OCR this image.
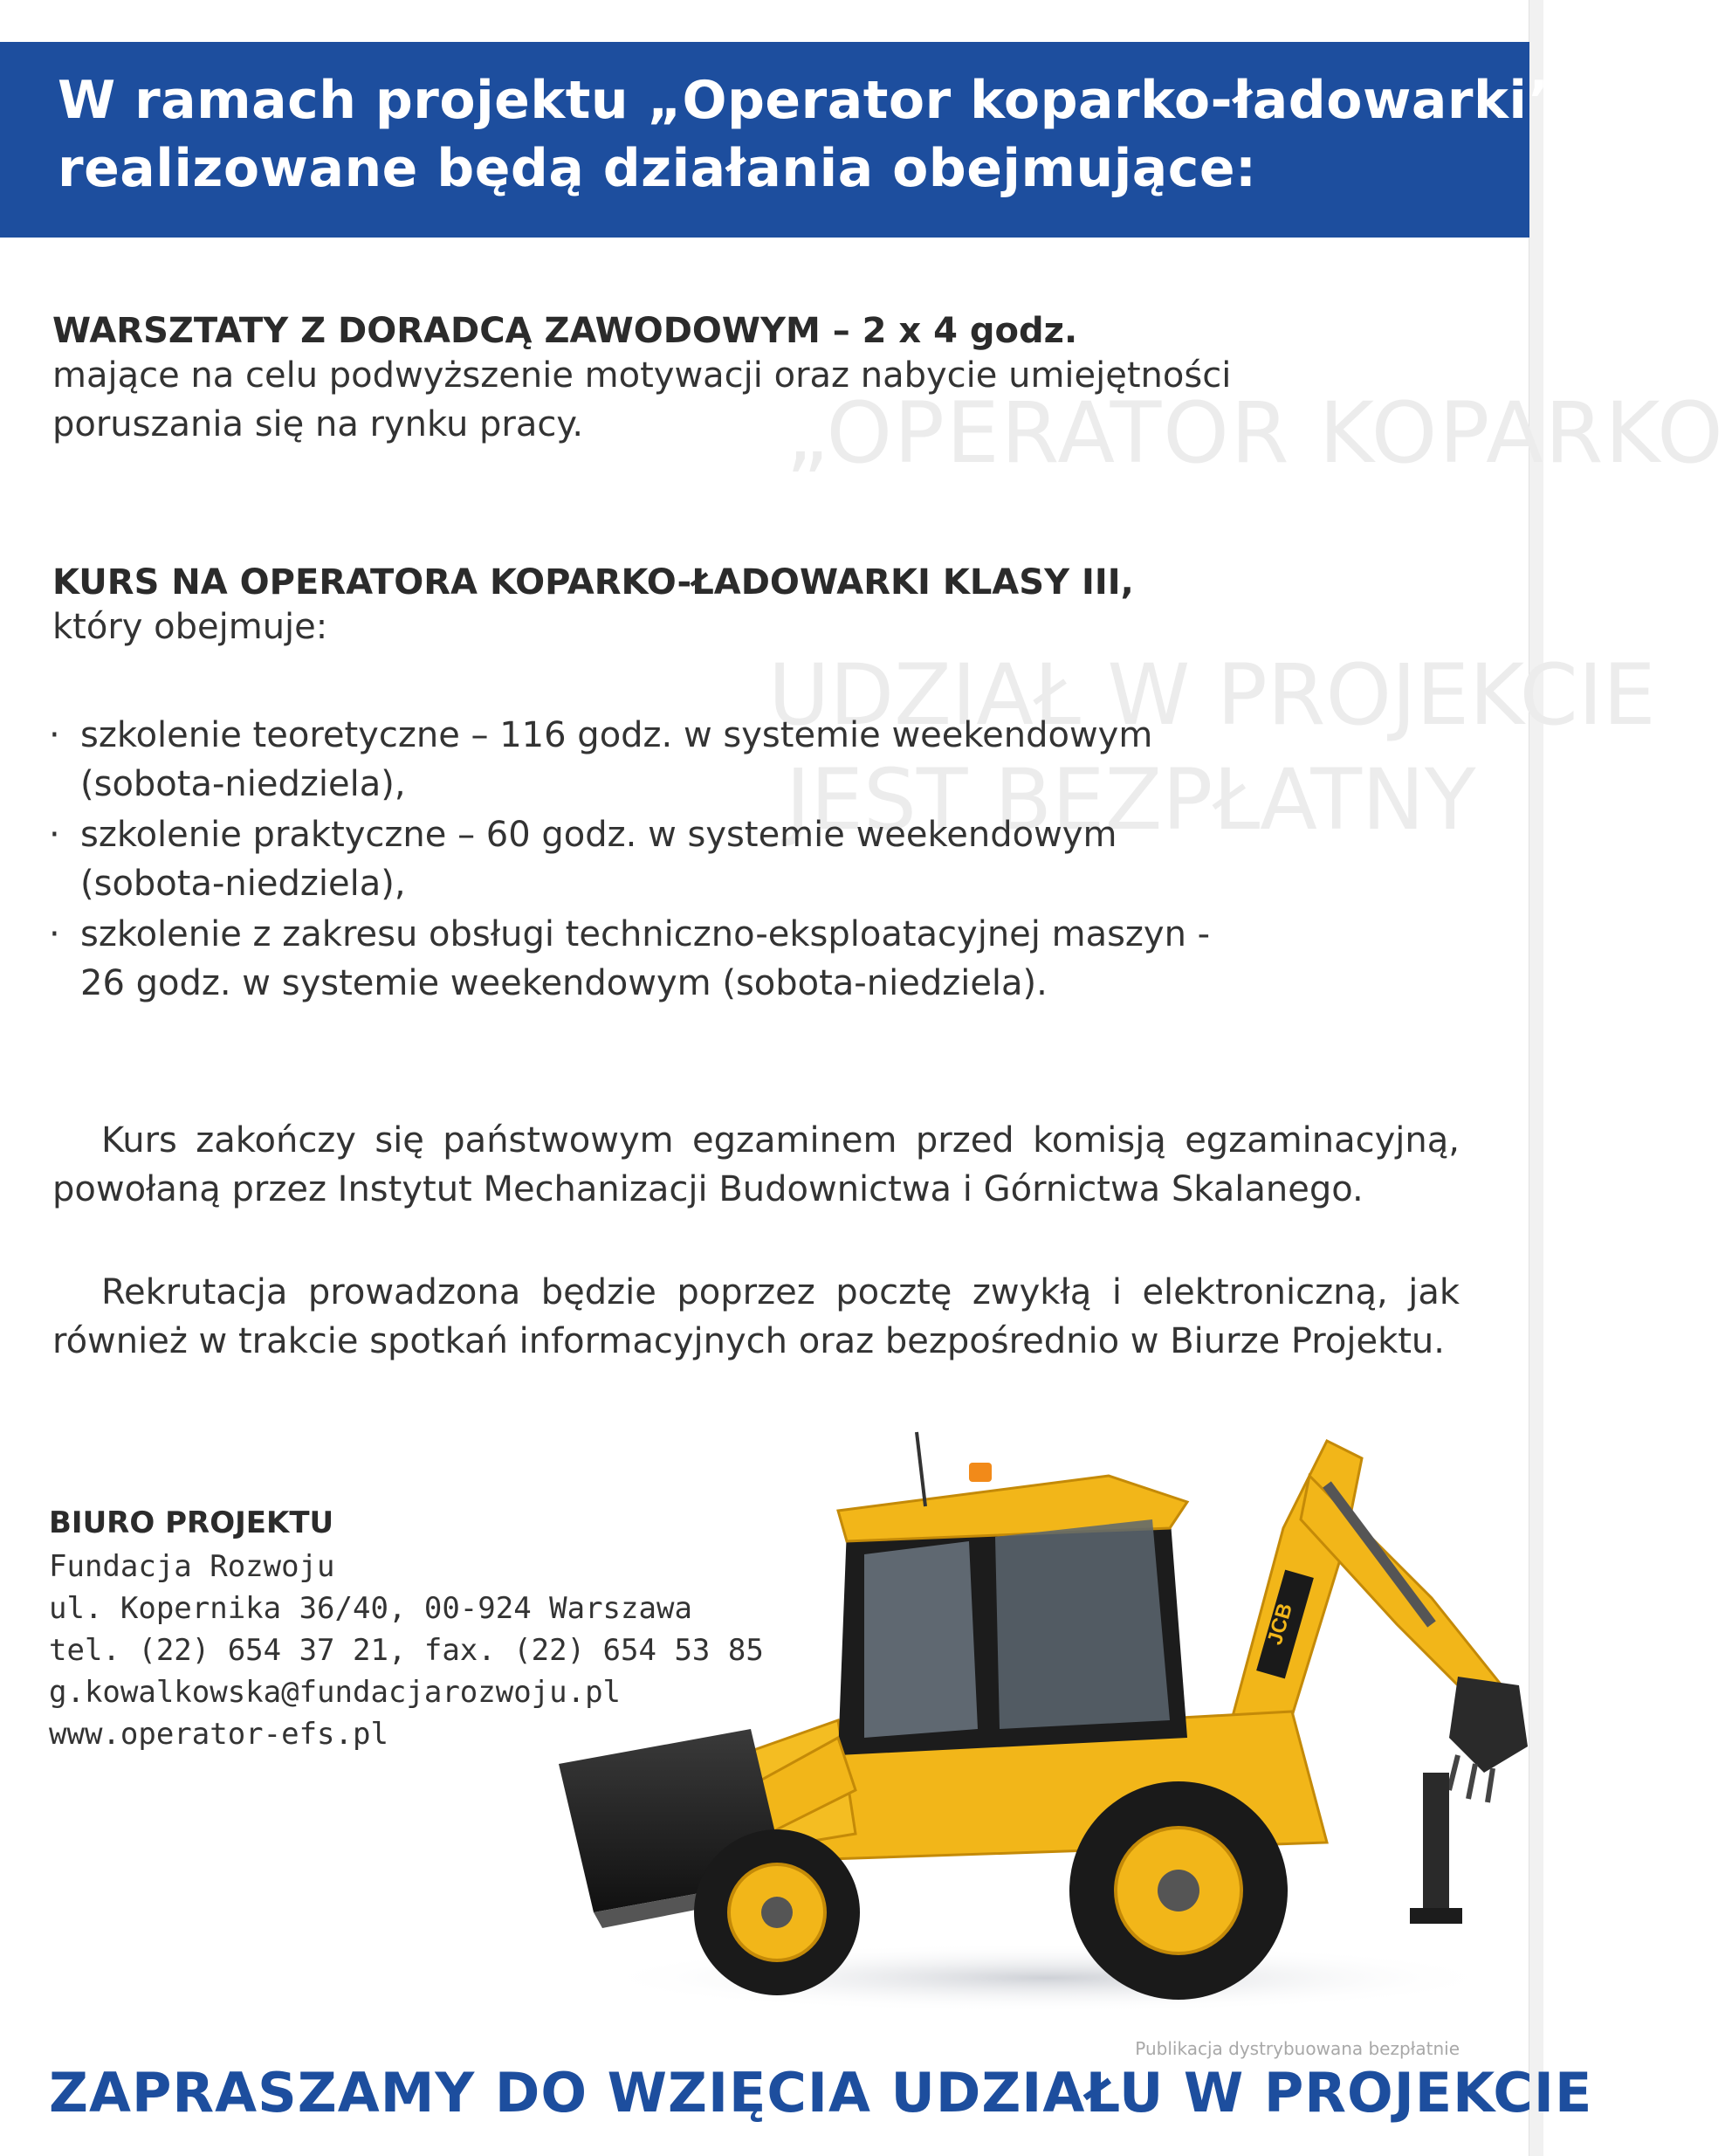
„OPERATOR KOPARKO
UDZIAŁ W PROJEKCIE
JEST BEZPŁATNY
W ramach projektu „Operator koparko-ładowarki”
realizowane będą działania obejmujące:
WARSZTATY Z DORADCĄ ZAWODOWYM – 2 x 4 godz.
mające na celu podwyższenie motywacji oraz nabycie umiejętności
poruszania się na rynku pracy.
KURS NA OPERATORA KOPARKO-ŁADOWARKI KLASY III,
który obejmuje:
· szkolenie teoretyczne – 116 godz. w systemie weekendowym
(sobota-niedziela),
· szkolenie praktyczne – 60 godz. w systemie weekendowym
(sobota-niedziela),
· szkolenie z zakresu obsługi techniczno-eksploatacyjnej maszyn -
26 godz. w systemie weekendowym (sobota-niedziela).
Kurs zakończy się państwowym egzaminem przed komisją egzaminacyjną, powołaną przez Instytut Mechanizacji Budownictwa i Górnictwa Skalanego.
Rekrutacja prowadzona będzie poprzez pocztę zwykłą i elektroniczną, jak również w trakcie spotkań informacyjnych oraz bezpośrednio w Biurze Projektu.
BIURO PROJEKTU
Fundacja Rozwoju
ul. Kopernika 36/40, 00-924 Warszawa
tel. (22) 654 37 21, fax. (22) 654 53 85
g.kowalkowska@fundacjarozwoju.pl
www.operator-efs.pl
JCB
Publikacja dystrybuowana bezpłatnie
ZAPRASZAMY DO WZIĘCIA UDZIAŁU W PROJEKCIE
